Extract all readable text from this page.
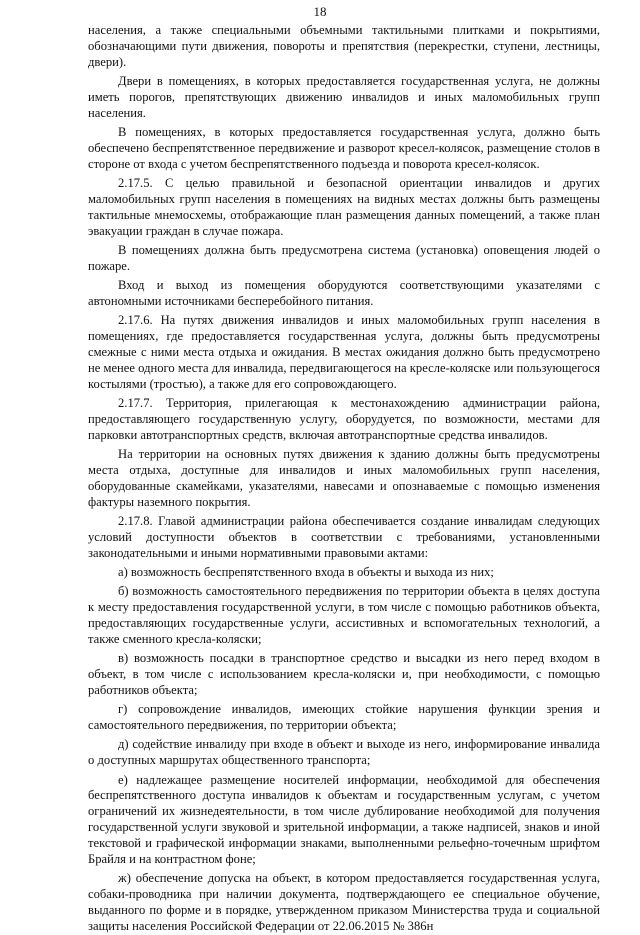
18

населения, а также специальными объемными тактильными плитками и покрытиями, обозначающими пути движения, повороты и препятствия (перекрестки, ступени, лестницы, двери).

Двери в помещениях, в которых предоставляется государственная услуга, не должны иметь порогов, препятствующих движению инвалидов и иных маломобильных групп населения.

В помещениях, в которых предоставляется государственная услуга, должно быть обеспечено беспрепятственное передвижение и разворот кресел-колясок, размещение столов в стороне от входа с учетом беспрепятственного подъезда и поворота кресел-колясок.

2.17.5. С целью правильной и безопасной ориентации инвалидов и других маломобильных групп населения в помещениях на видных местах должны быть размещены тактильные мнемосхемы, отображающие план размещения данных помещений, а также план эвакуации граждан в случае пожара.

В помещениях должна быть предусмотрена система (установка) оповещения людей о пожаре.

Вход и выход из помещения оборудуются соответствующими указателями с автономными источниками бесперебойного питания.

2.17.6. На путях движения инвалидов и иных маломобильных групп населения в помещениях, где предоставляется государственная услуга, должны быть предусмотрены смежные с ними места отдыха и ожидания. В местах ожидания должно быть предусмотрено не менее одного места для инвалида, передвигающегося на кресле-коляске или пользующегося костылями (тростью), а также для его сопровождающего.

2.17.7. Территория, прилегающая к местонахождению администрации района, предоставляющего государственную услугу, оборудуется, по возможности, местами для парковки автотранспортных средств, включая автотранспортные средства инвалидов.

На территории на основных путях движения к зданию должны быть предусмотрены места отдыха, доступные для инвалидов и иных маломобильных групп населения, оборудованные скамейками, указателями, навесами и опознаваемые с помощью изменения фактуры наземного покрытия.

2.17.8. Главой администрации района обеспечивается создание инвалидам следующих условий доступности объектов в соответствии с требованиями, установленными законодательными и иными нормативными правовыми актами:

а) возможность беспрепятственного входа в объекты и выхода из них;

б) возможность самостоятельного передвижения по территории объекта в целях доступа к месту предоставления государственной услуги, в том числе с помощью работников объекта, предоставляющих государственные услуги, ассистивных и вспомогательных технологий, а также сменного кресла-коляски;

в) возможность посадки в транспортное средство и высадки из него перед входом в объект, в том числе с использованием кресла-коляски и, при необходимости, с помощью работников объекта;

г) сопровождение инвалидов, имеющих стойкие нарушения функции зрения и самостоятельного передвижения, по территории объекта;

д) содействие инвалиду при входе в объект и выходе из него, информирование инвалида о доступных маршрутах общественного транспорта;

е) надлежащее размещение носителей информации, необходимой для обеспечения беспрепятственного доступа инвалидов к объектам и государственным услугам, с учетом ограничений их жизнедеятельности, в том числе дублирование необходимой для получения государственной услуги звуковой и зрительной информации, а также надписей, знаков и иной текстовой и графической информации знаками, выполненными рельефно-точечным шрифтом Брайля и на контрастном фоне;

ж) обеспечение допуска на объект, в котором предоставляется государственная услуга, собаки-проводника при наличии документа, подтверждающего ее специальное обучение, выданного по форме и в порядке, утвержденном приказом Министерства труда и социальной защиты населения Российской Федерации от 22.06.2015 № 386н
